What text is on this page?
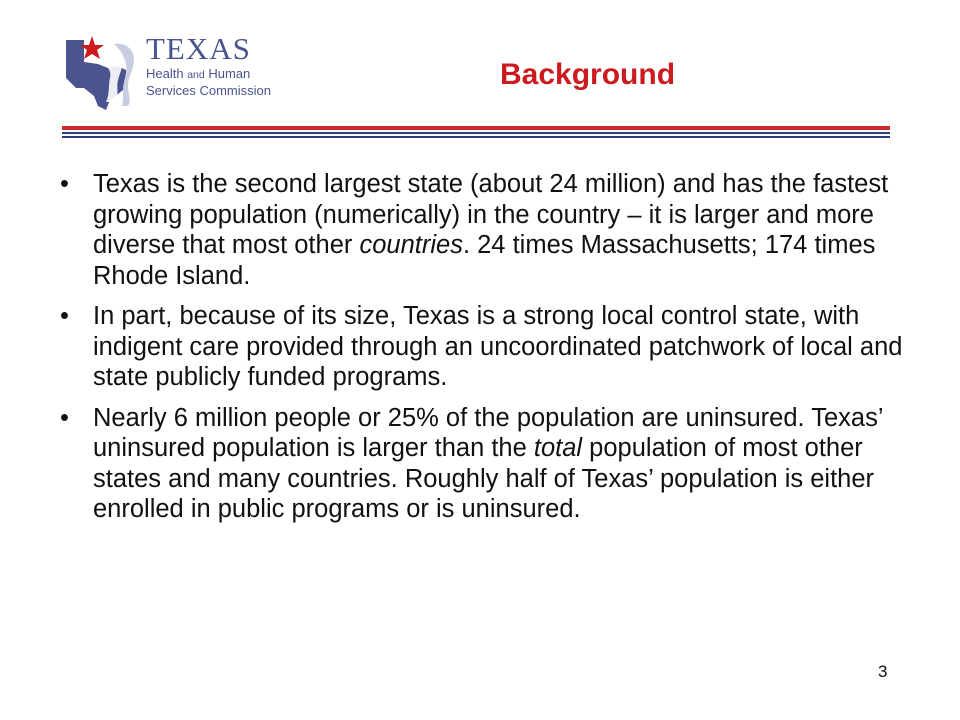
TEXAS
Health and Human
Services Commission	Background
• Texas is the second largest state (about 24 million) and has the fastest growing population (numerically) in the country – it is larger and more diverse that most other countries. 24 times Massachusetts; 174 times Rhode Island.

• In part, because of its size, Texas is a strong local control state, with indigent care provided through an uncoordinated patchwork of local and state publicly funded programs.

• Nearly 6 million people or 25% of the population are uninsured. Texas’ uninsured population is larger than the total population of most other states and many countries. Roughly half of Texas’ population is either enrolled in public programs or is uninsured.

3
